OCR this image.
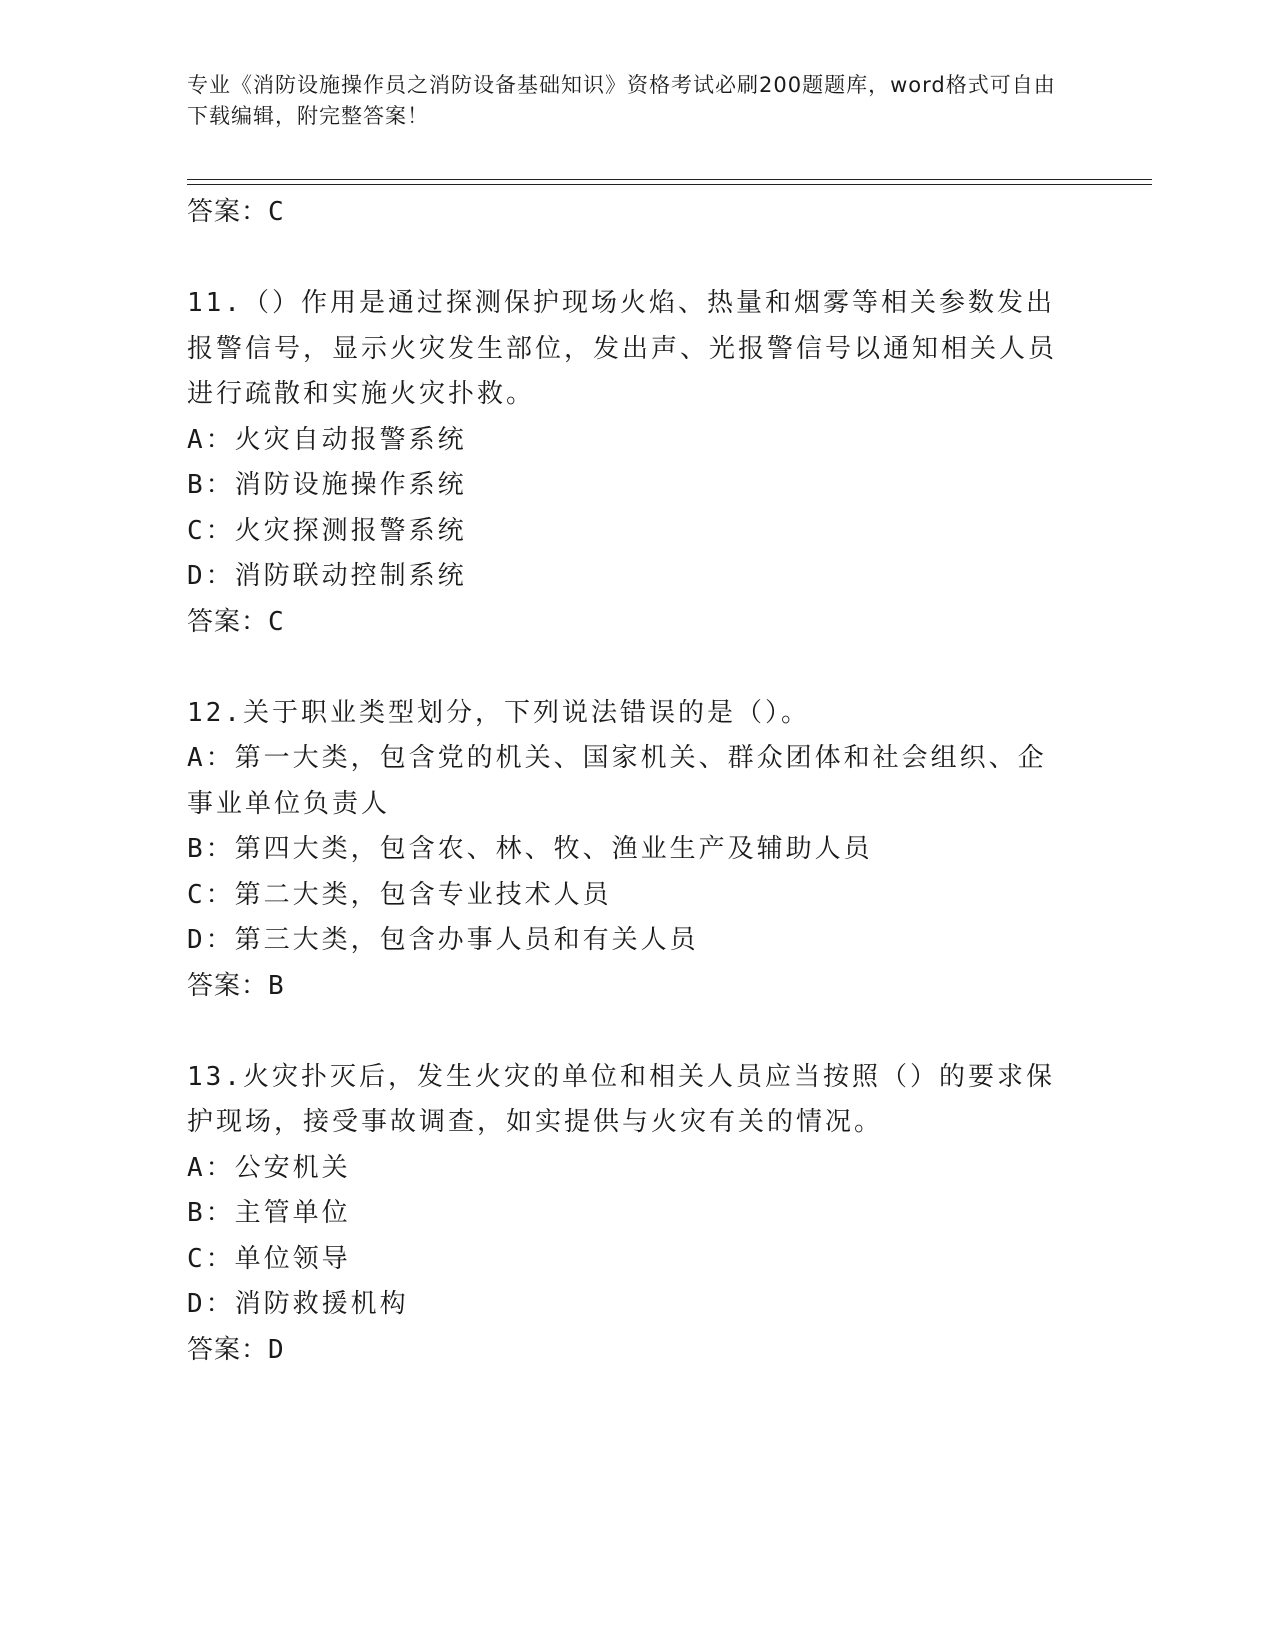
专业《消防设施操作员之消防设备基础知识》资格考试必刷200题题库，word格式可自由下载编辑，附完整答案！
答案：C
11.（）作用是通过探测保护现场火焰、热量和烟雾等相关参数发出报警信号，显示火灾发生部位，发出声、光报警信号以通知相关人员进行疏散和实施火灾扑救。
A：火灾自动报警系统
B：消防设施操作系统
C：火灾探测报警系统
D：消防联动控制系统
答案：C
12.关于职业类型划分，下列说法错误的是（）。
A：第一大类，包含党的机关、国家机关、群众团体和社会组织、企事业单位负责人
B：第四大类，包含农、林、牧、渔业生产及辅助人员
C：第二大类，包含专业技术人员
D：第三大类，包含办事人员和有关人员
答案：B
13.火灾扑灭后，发生火灾的单位和相关人员应当按照（）的要求保护现场，接受事故调查，如实提供与火灾有关的情况。
A：公安机关
B：主管单位
C：单位领导
D：消防救援机构
答案：D
